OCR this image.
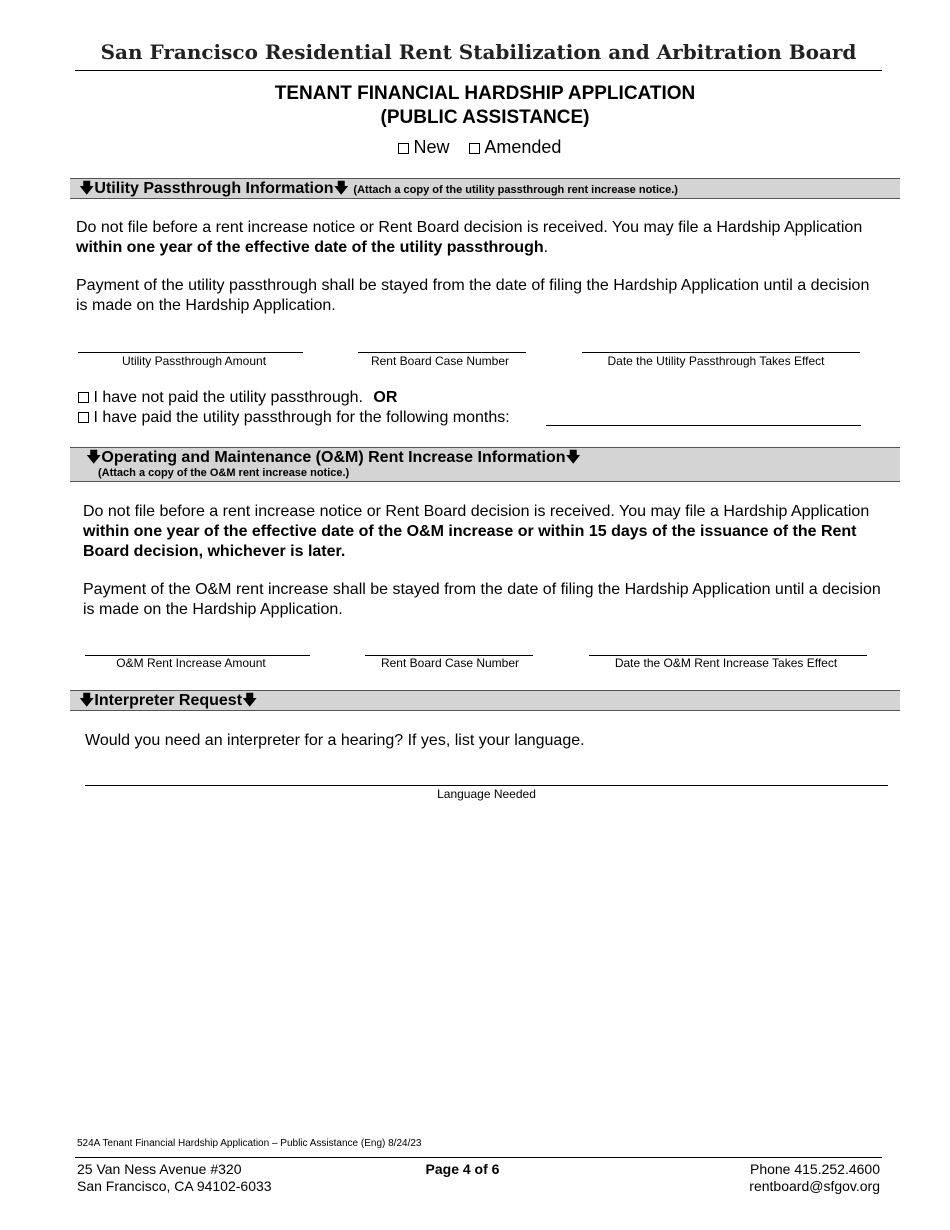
San Francisco Residential Rent Stabilization and Arbitration Board
TENANT FINANCIAL HARDSHIP APPLICATION
(PUBLIC ASSISTANCE)
New Amended
🡇Utility Passthrough Information🡇 (Attach a copy of the utility passthrough rent increase notice.)
Do not file before a rent increase notice or Rent Board decision is received. You may file a Hardship Application within one year of the effective date of the utility passthrough.
Payment of the utility passthrough shall be stayed from the date of filing the Hardship Application until a decision is made on the Hardship Application.
Utility Passthrough Amount	Rent Board Case Number	Date the Utility Passthrough Takes Effect
I have not paid the utility passthrough. OR
I have paid the utility passthrough for the following months:
🡇Operating and Maintenance (O&M) Rent Increase Information🡇
(Attach a copy of the O&M rent increase notice.)
Do not file before a rent increase notice or Rent Board decision is received. You may file a Hardship Application within one year of the effective date of the O&M increase or within 15 days of the issuance of the Rent Board decision, whichever is later.
Payment of the O&M rent increase shall be stayed from the date of filing the Hardship Application until a decision is made on the Hardship Application.
O&M Rent Increase Amount	Rent Board Case Number	Date the O&M Rent Increase Takes Effect
🡇Interpreter Request🡇
Would you need an interpreter for a hearing? If yes, list your language.
Language Needed
524A Tenant Financial Hardship Application – Public Assistance (Eng) 8/24/23
25 Van Ness Avenue #320
San Francisco, CA 94102-6033
Page 4 of 6	Phone 415.252.4600
rentboard@sfgov.org
